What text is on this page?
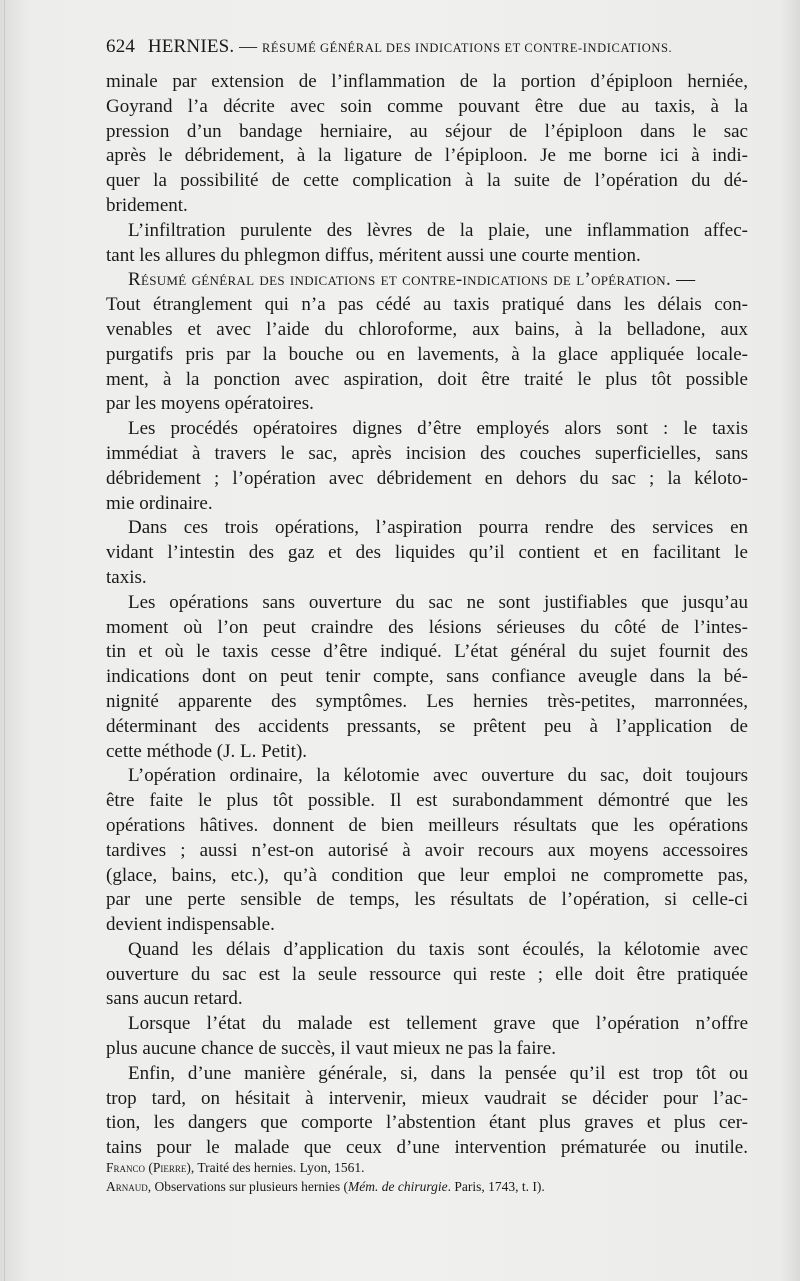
624 HERNIES. — RÉSUMÉ GÉNÉRAL DES INDICATIONS ET CONTRE-INDICATIONS.
minale par extension de l’inflammation de la portion d’épiploon herniée,
Goyrand l’a décrite avec soin comme pouvant être due au taxis, à la
pression d’un bandage herniaire, au séjour de l’épiploon dans le sac
après le débridement, à la ligature de l’épiploon. Je me borne ici à indi-
quer la possibilité de cette complication à la suite de l’opération du dé-
bridement.
L’infiltration purulente des lèvres de la plaie, une inflammation affec-
tant les allures du phlegmon diffus, méritent aussi une courte mention.
Résumé général des indications et contre-indications de l’opération. —
Tout étranglement qui n’a pas cédé au taxis pratiqué dans les délais con-
venables et avec l’aide du chloroforme, aux bains, à la belladone, aux
purgatifs pris par la bouche ou en lavements, à la glace appliquée locale-
ment, à la ponction avec aspiration, doit être traité le plus tôt possible
par les moyens opératoires.
Les procédés opératoires dignes d’être employés alors sont : le taxis
immédiat à travers le sac, après incision des couches superficielles, sans
débridement ; l’opération avec débridement en dehors du sac ; la kéloto-
mie ordinaire.
Dans ces trois opérations, l’aspiration pourra rendre des services en
vidant l’intestin des gaz et des liquides qu’il contient et en facilitant le
taxis.
Les opérations sans ouverture du sac ne sont justifiables que jusqu’au
moment où l’on peut craindre des lésions sérieuses du côté de l’intes-
tin et où le taxis cesse d’être indiqué. L’état général du sujet fournit des
indications dont on peut tenir compte, sans confiance aveugle dans la bé-
nignité apparente des symptômes. Les hernies très-petites, marronnées,
déterminant des accidents pressants, se prêtent peu à l’application de
cette méthode (J. L. Petit).
L’opération ordinaire, la kélotomie avec ouverture du sac, doit toujours
être faite le plus tôt possible. Il est surabondamment démontré que les
opérations hâtives. donnent de bien meilleurs résultats que les opérations
tardives ; aussi n’est-on autorisé à avoir recours aux moyens accessoires
(glace, bains, etc.), qu’à condition que leur emploi ne compromette pas,
par une perte sensible de temps, les résultats de l’opération, si celle-ci
devient indispensable.
Quand les délais d’application du taxis sont écoulés, la kélotomie avec
ouverture du sac est la seule ressource qui reste ; elle doit être pratiquée
sans aucun retard.
Lorsque l’état du malade est tellement grave que l’opération n’offre
plus aucune chance de succès, il vaut mieux ne pas la faire.
Enfin, d’une manière générale, si, dans la pensée qu’il est trop tôt ou
trop tard, on hésitait à intervenir, mieux vaudrait se décider pour l’ac-
tion, les dangers que comporte l’abstention étant plus graves et plus cer-
tains pour le malade que ceux d’une intervention prématurée ou inutile.
Franco (Pierre), Traité des hernies. Lyon, 1561.
Arnaud, Observations sur plusieurs hernies (Mém. de chirurgie. Paris, 1743, t. I).
